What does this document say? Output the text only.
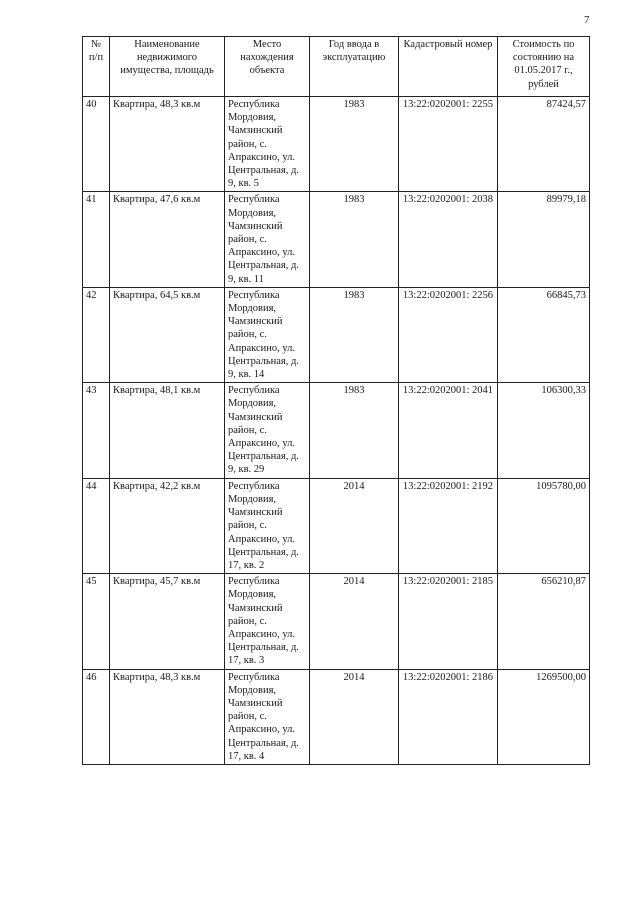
7
№ п/п	Наименование недвижимого имущества, площадь	Место нахождения объекта	Год ввода в эксплуатацию	Кадастровый номер	Стоимость по состоянию на 01.05.2017 г., рублей
40	Квартира, 48,3 кв.м	Республика Мордовия, Чамзинский район, с. Апраксино, ул. Центральная, д. 9, кв. 5	1983	13:22:0202001: 2255	87424,57
41	Квартира, 47,6 кв.м	Республика Мордовия, Чамзинский район, с. Апраксино, ул. Центральная, д. 9, кв. 11	1983	13:22:0202001: 2038	89979,18
42	Квартира, 64,5 кв.м	Республика Мордовия, Чамзинский район, с. Апраксино, ул. Центральная, д. 9, кв. 14	1983	13:22:0202001: 2256	66845,73
43	Квартира, 48,1 кв.м	Республика Мордовия, Чамзинский район, с. Апраксино, ул. Центральная, д. 9, кв. 29	1983	13:22:0202001: 2041	106300,33
44	Квартира, 42,2 кв.м	Республика Мордовия, Чамзинский район, с. Апраксино, ул. Центральная, д. 17, кв. 2	2014	13:22:0202001: 2192	1095780,00
45	Квартира, 45,7 кв.м	Республика Мордовия, Чамзинский район, с. Апраксино, ул. Центральная, д. 17, кв. 3	2014	13:22:0202001: 2185	656210,87
46	Квартира, 48,3 кв.м	Республика Мордовия, Чамзинский район, с. Апраксино, ул. Центральная, д. 17, кв. 4	2014	13:22:0202001: 2186	1269500,00
